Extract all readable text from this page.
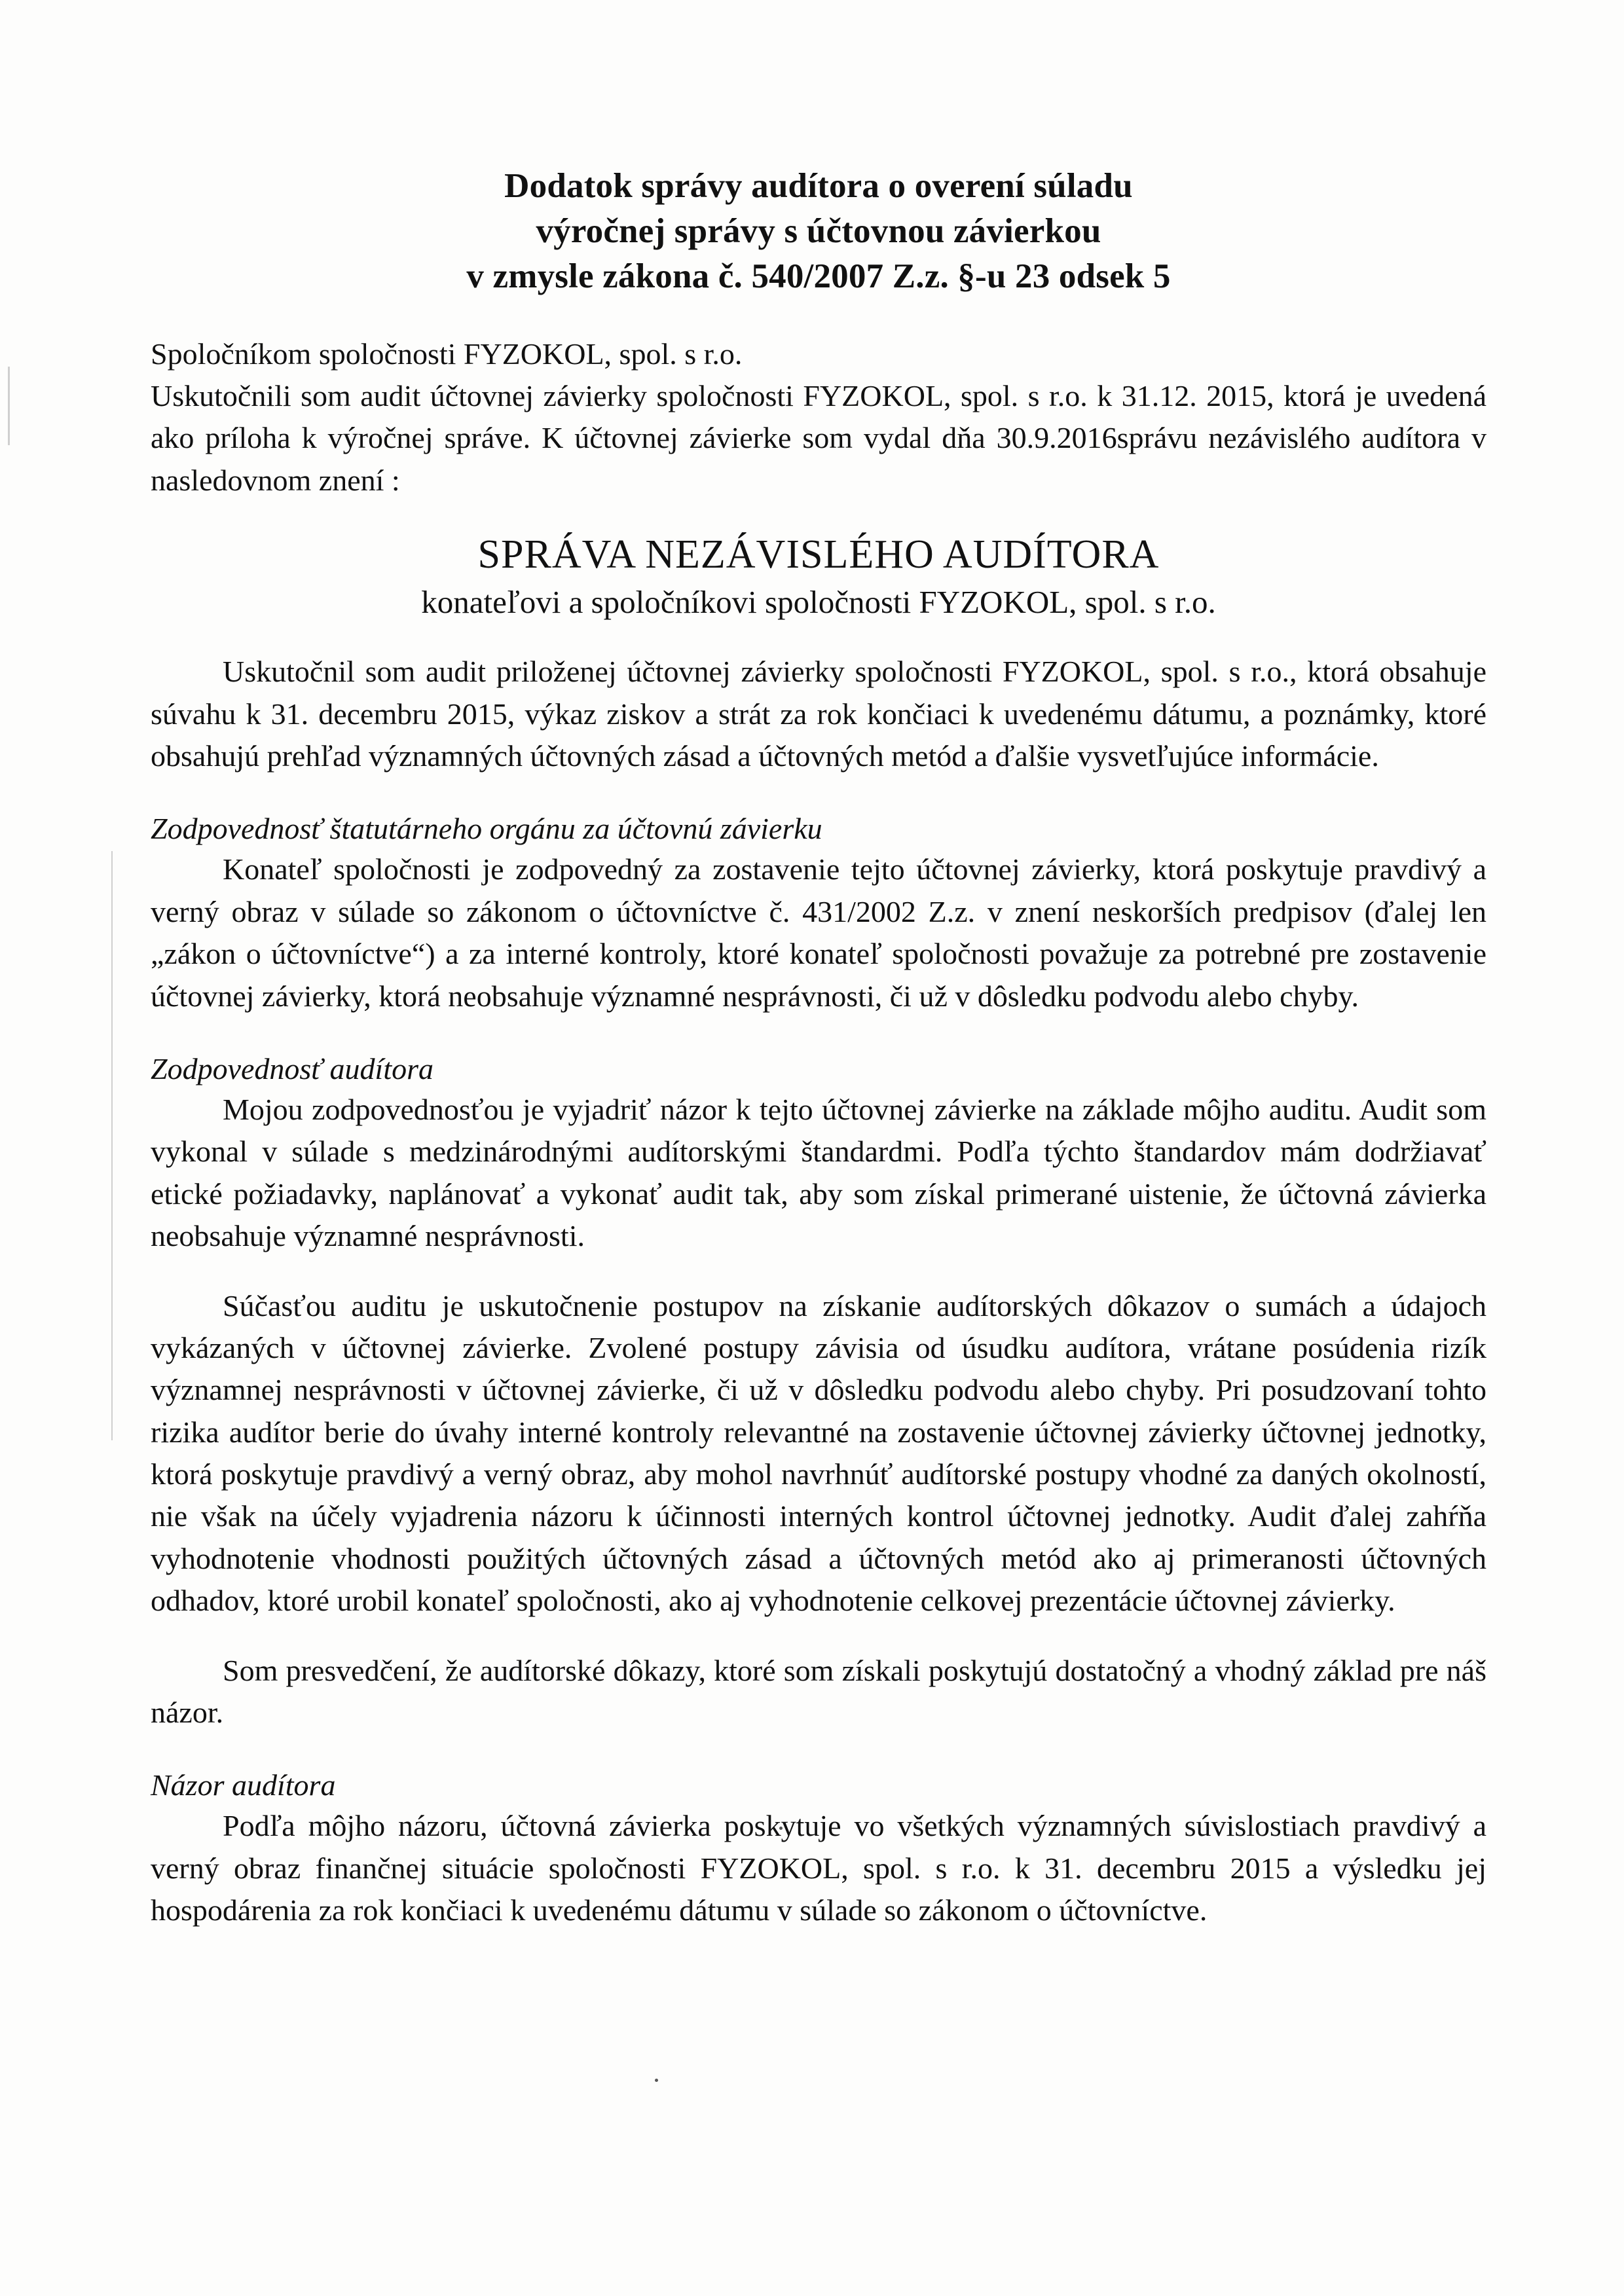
Dodatok správy audítora o overení súladu
výročnej správy s účtovnou závierkou
v zmysle zákona č. 540/2007 Z.z. §-u 23 odsek 5

Spoločníkom spoločnosti FYZOKOL, spol. s r.o.

Uskutočnili som audit účtovnej závierky spoločnosti FYZOKOL, spol. s r.o. k 31.12. 2015, ktorá je uvedená ako príloha k výročnej správe. K účtovnej závierke som vydal dňa 30.9.2016správu nezávislého audítora v nasledovnom znení :

SPRÁVA NEZÁVISLÉHO AUDÍTORA
konateľovi a spoločníkovi spoločnosti FYZOKOL, spol. s r.o.

Uskutočnil som audit priloženej účtovnej závierky spoločnosti FYZOKOL, spol. s r.o., ktorá obsahuje súvahu k 31. decembru 2015, výkaz ziskov a strát za rok končiaci k uvedenému dátumu, a poznámky, ktoré obsahujú prehľad významných účtovných zásad a účtovných metód a ďalšie vysvetľujúce informácie.

Zodpovednosť štatutárneho orgánu za účtovnú závierku

Konateľ spoločnosti je zodpovedný za zostavenie tejto účtovnej závierky, ktorá poskytuje pravdivý a verný obraz v súlade so zákonom o účtovníctve č. 431/2002 Z.z. v znení neskorších predpisov (ďalej len „zákon o účtovníctve“) a za interné kontroly, ktoré konateľ spoločnosti považuje za potrebné pre zostavenie účtovnej závierky, ktorá neobsahuje významné nesprávnosti, či už v dôsledku podvodu alebo chyby.

Zodpovednosť audítora

Mojou zodpovednosťou je vyjadriť názor k tejto účtovnej závierke na základe môjho auditu. Audit som vykonal v súlade s medzinárodnými audítorskými štandardmi. Podľa týchto štandardov mám dodržiavať etické požiadavky, naplánovať a vykonať audit tak, aby som získal primerané uistenie, že účtovná závierka neobsahuje významné nesprávnosti.

Súčasťou auditu je uskutočnenie postupov na získanie audítorských dôkazov o sumách a údajoch vykázaných v účtovnej závierke. Zvolené postupy závisia od úsudku audítora, vrátane posúdenia rizík významnej nesprávnosti v účtovnej závierke, či už v dôsledku podvodu alebo chyby. Pri posudzovaní tohto rizika audítor berie do úvahy interné kontroly relevantné na zostavenie účtovnej závierky účtovnej jednotky, ktorá poskytuje pravdivý a verný obraz, aby mohol navrhnúť audítorské postupy vhodné za daných okolností, nie však na účely vyjadrenia názoru k účinnosti interných kontrol účtovnej jednotky. Audit ďalej zahŕňa vyhodnotenie vhodnosti použitých účtovných zásad a účtovných metód ako aj primeranosti účtovných odhadov, ktoré urobil konateľ spoločnosti, ako aj vyhodnotenie celkovej prezentácie účtovnej závierky.

Som presvedčení, že audítorské dôkazy, ktoré som získali poskytujú dostatočný a vhodný základ pre náš názor.

Názor audítora

Podľa môjho názoru, účtovná závierka poskytuje vo všetkých významných súvislostiach pravdivý a verný obraz finančnej situácie spoločnosti FYZOKOL, spol. s r.o. k 31. decembru 2015 a výsledku jej hospodárenia za rok končiaci k uvedenému dátumu v súlade so zákonom o účtovníctve.
